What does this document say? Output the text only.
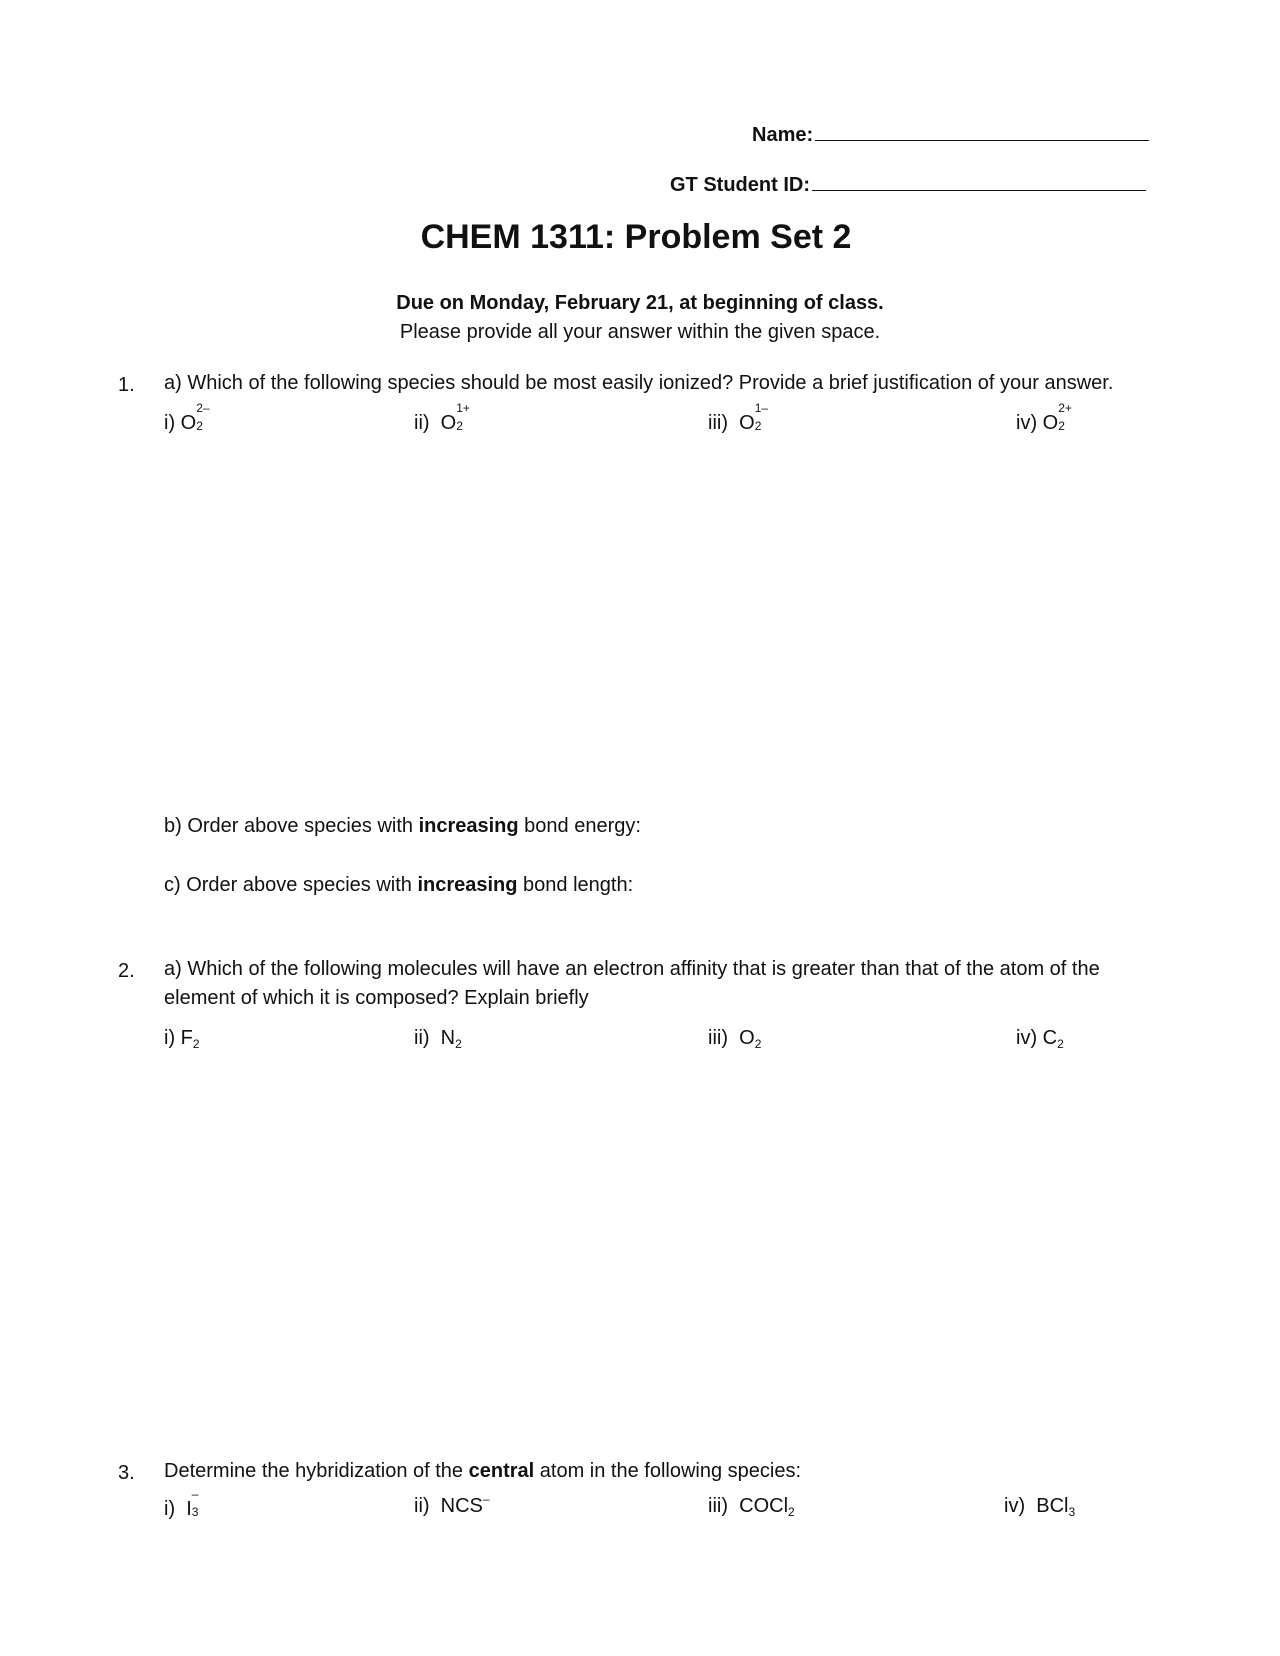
Name:
GT Student ID:
CHEM 1311: Problem Set 2
Due on Monday, February 21, at beginning of class.
Please provide all your answer within the given space.
1. a) Which of the following species should be most easily ionized? Provide a brief justification of your answer.
i) O
2–
2	ii) O
1+
2	iii) O
1–
2	iv) O
2+
2
b) Order above species with increasing bond energy:
c) Order above species with increasing bond length:
2. a) Which of the following molecules will have an electron affinity that is greater than that of the atom of the
element of which it is composed? Explain briefly
i) $F_2$	ii) $N_2$	iii) $O_2$	iv) $C_2$
3. Determine the hybridization of the central atom in the following species:
i) I
–
3	ii) NCS–	iii) COCl$_2$	iv) BCl$_3$
